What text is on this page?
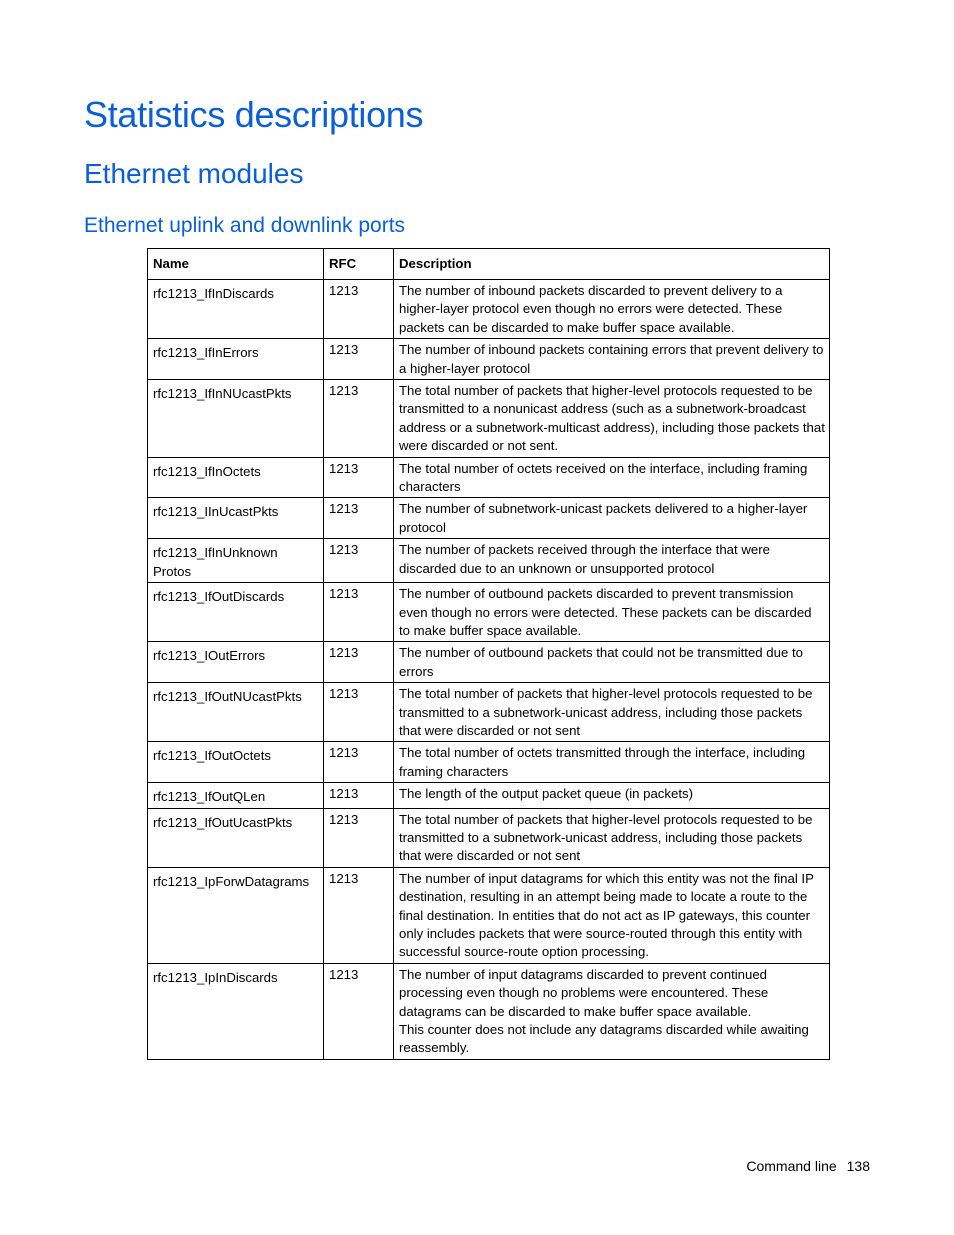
Statistics descriptions
Ethernet modules
Ethernet uplink and downlink ports
Name	RFC	Description
rfc1213_IfInDiscards	1213	The number of inbound packets discarded to prevent delivery to a higher-layer protocol even though no errors were detected. These packets can be discarded to make buffer space available.

rfc1213_IfInErrors	1213	The number of inbound packets containing errors that prevent delivery to a higher-layer protocol

rfc1213_IfInNUcastPkts	1213	The total number of packets that higher-level protocols requested to be transmitted to a nonunicast address (such as a subnetwork-broadcast address or a subnetwork-multicast address), including those packets that were discarded or not sent.

rfc1213_IfInOctets	1213	The total number of octets received on the interface, including framing characters

rfc1213_IInUcastPkts	1213	The number of subnetwork-unicast packets delivered to a higher-layer protocol

rfc1213_IfInUnknown Protos	1213	The number of packets received through the interface that were discarded due to an unknown or unsupported protocol

rfc1213_IfOutDiscards	1213	The number of outbound packets discarded to prevent transmission even though no errors were detected. These packets can be discarded to make buffer space available.

rfc1213_IOutErrors	1213	The number of outbound packets that could not be transmitted due to errors

rfc1213_IfOutNUcastPkts	1213	The total number of packets that higher-level protocols requested to be transmitted to a subnetwork-unicast address, including those packets that were discarded or not sent

rfc1213_IfOutOctets	1213	The total number of octets transmitted through the interface, including framing characters

rfc1213_IfOutQLen	1213	The length of the output packet queue (in packets)

rfc1213_IfOutUcastPkts	1213	The total number of packets that higher-level protocols requested to be transmitted to a subnetwork-unicast address, including those packets that were discarded or not sent

rfc1213_IpForwDatagrams	1213	The number of input datagrams for which this entity was not the final IP destination, resulting in an attempt being made to locate a route to the final destination. In entities that do not act as IP gateways, this counter only includes packets that were source-routed through this entity with successful source-route option processing.

rfc1213_IpInDiscards	1213	The number of input datagrams discarded to prevent continued processing even though no problems were encountered. These datagrams can be discarded to make buffer space available.
This counter does not include any datagrams discarded while awaiting reassembly.
Command line 138
